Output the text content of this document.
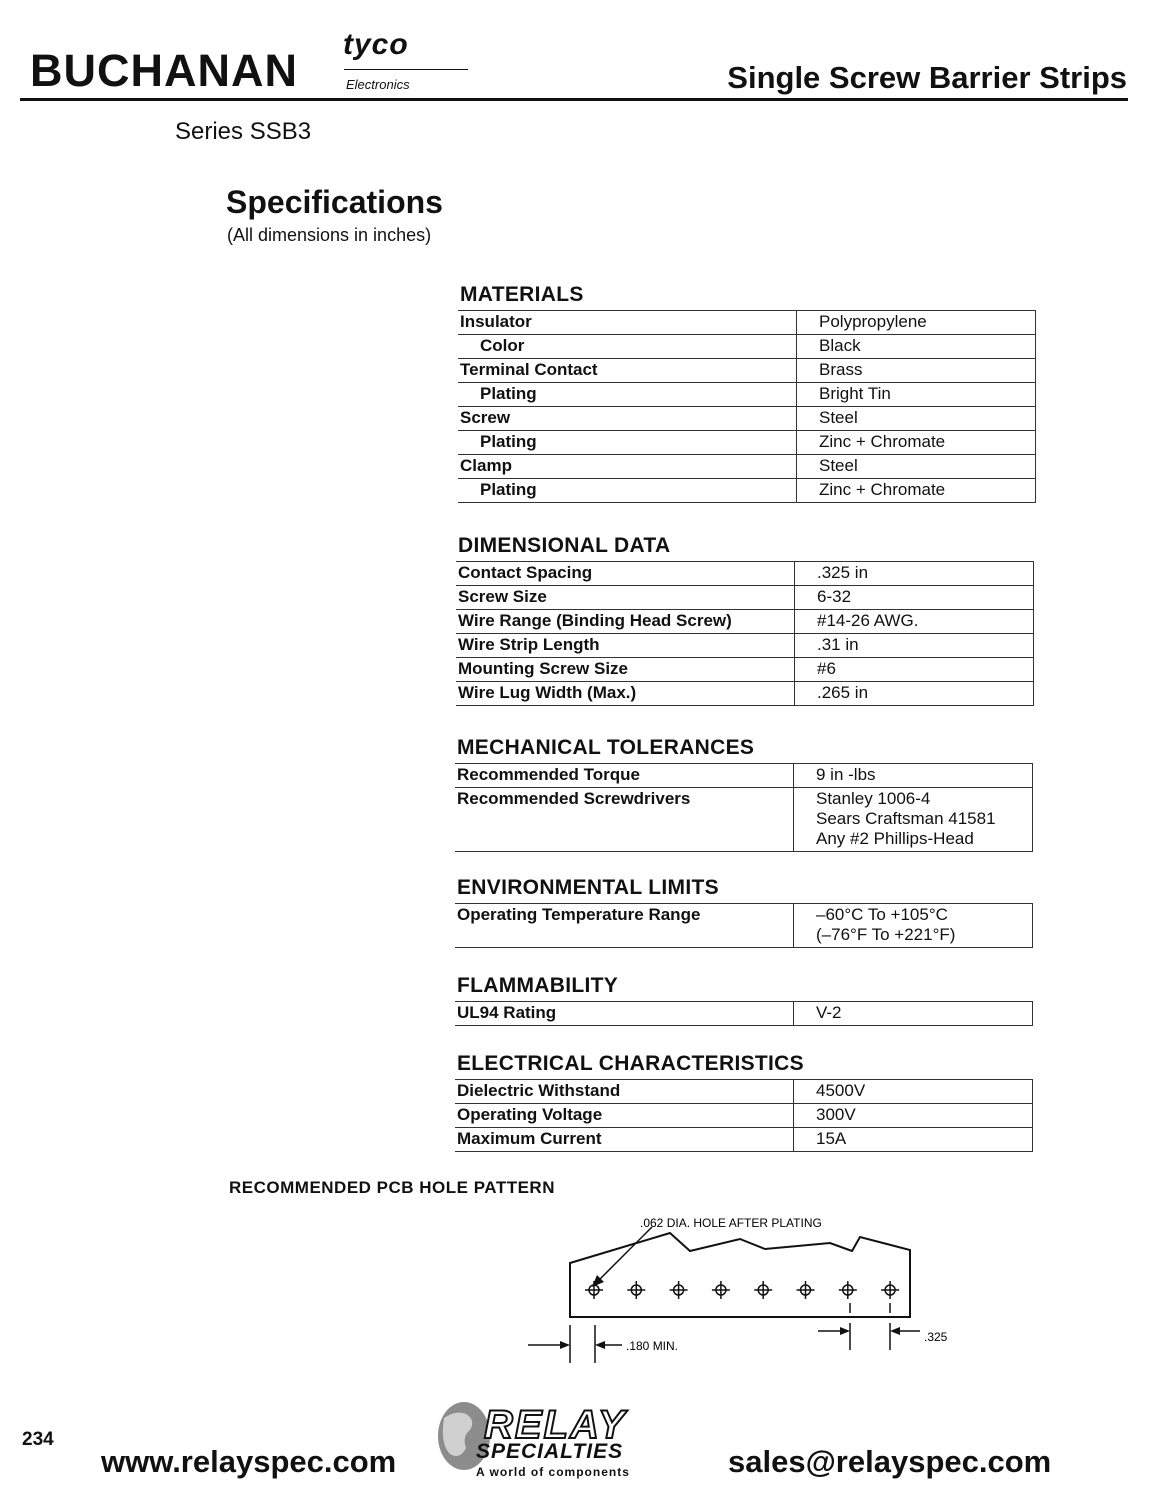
BUCHANAN
tyco
Electronics	Single Screw Barrier Strips
Series SSB3
Specifications
(All dimensions in inches)
MATERIALS
Insulator	Polypropylene
Color	Black
Terminal Contact	Brass
Plating	Bright Tin
Screw	Steel
Plating	Zinc + Chromate
Clamp	Steel
Plating	Zinc + Chromate
DIMENSIONAL DATA
Contact Spacing	.325 in
Screw Size	6-32
Wire Range (Binding Head Screw)	#14-26 AWG.
Wire Strip Length	.31 in
Mounting Screw Size	#6
Wire Lug Width (Max.)	.265 in
MECHANICAL TOLERANCES
Recommended Torque	9 in -lbs
Recommended Screwdrivers	Stanley 1006-4
Sears Craftsman 41581
Any #2 Phillips-Head
ENVIRONMENTAL LIMITS
Operating Temperature Range	–60°C To +105°C
(–76°F To +221°F)
FLAMMABILITY
UL94 Rating	V-2
ELECTRICAL CHARACTERISTICS
Dielectric Withstand	4500V
Operating Voltage	300V
Maximum Current	15A
RECOMMENDED PCB HOLE PATTERN
.062 DIA. HOLE AFTER PLATING
.180 MIN.
.325
234
www.relayspec.com	sales@relayspec.com
RELAY
SPECIALTIES
A world of components
